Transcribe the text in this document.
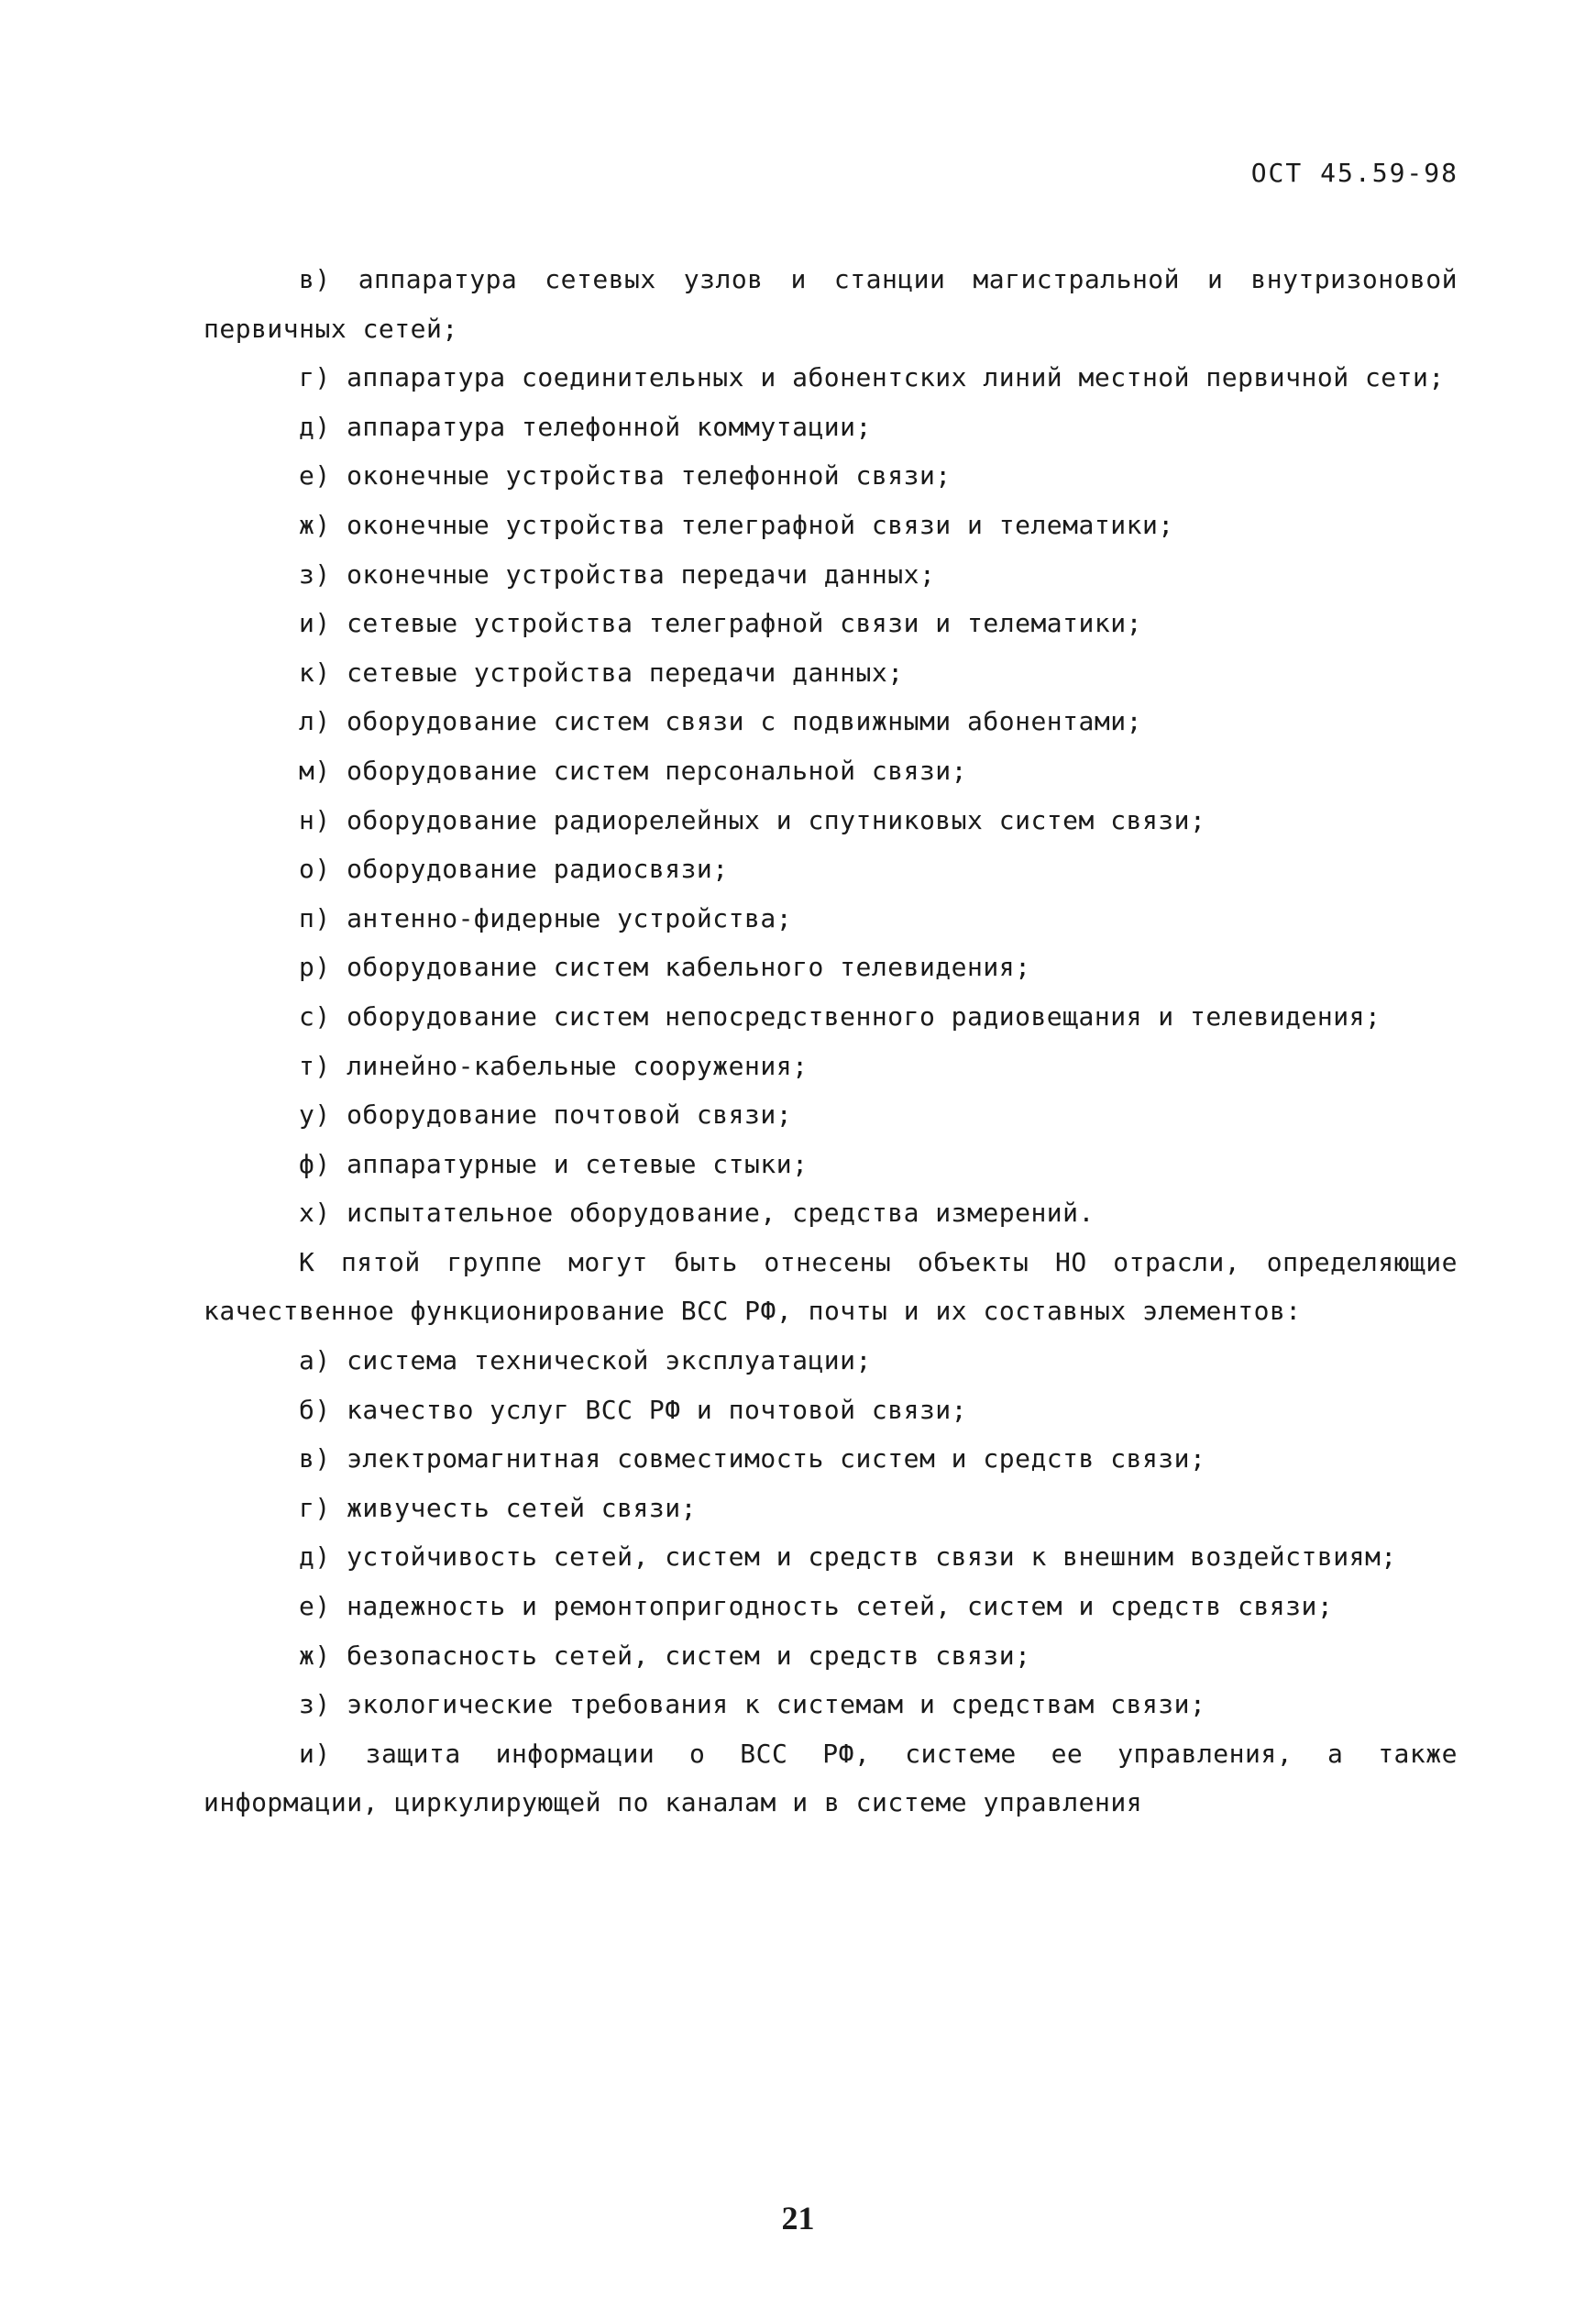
ОСТ 45.59-98

в) аппаратура сетевых узлов и станции магистральной и внутризоновой первичных сетей;

г) аппаратура соединительных и абонентских линий местной первичной сети;

д) аппаратура телефонной коммутации;

е) оконечные устройства телефонной связи;

ж) оконечные устройства телеграфной связи и телематики;

з) оконечные устройства передачи данных;

и) сетевые устройства телеграфной связи и телематики;

к) сетевые устройства передачи данных;

л) оборудование систем связи с подвижными абонентами;

м) оборудование систем персональной связи;

н) оборудование радиорелейных и спутниковых систем связи;

о) оборудование радиосвязи;

п) антенно-фидерные устройства;

р) оборудование систем кабельного телевидения;

с) оборудование систем непосредственного радиовещания и телевидения;

т) линейно-кабельные сооружения;

у) оборудование почтовой связи;

ф) аппаратурные и сетевые стыки;

х) испытательное оборудование, средства измерений.

К пятой группе могут быть отнесены объекты НО отрасли, определяющие качественное функционирование ВСС РФ, почты и их составных элементов:

а) система технической эксплуатации;

б) качество услуг ВСС РФ и почтовой связи;

в) электромагнитная совместимость систем и средств связи;

г) живучесть сетей связи;

д) устойчивость сетей, систем и средств связи к внешним воздействиям;

е) надежность и ремонтопригодность сетей, систем и средств связи;

ж) безопасность сетей, систем и средств связи;

з) экологические требования к системам и средствам связи;

и) защита информации о ВСС РФ, системе ее управления, а также информации, циркулирующей по каналам и в системе управления

21
